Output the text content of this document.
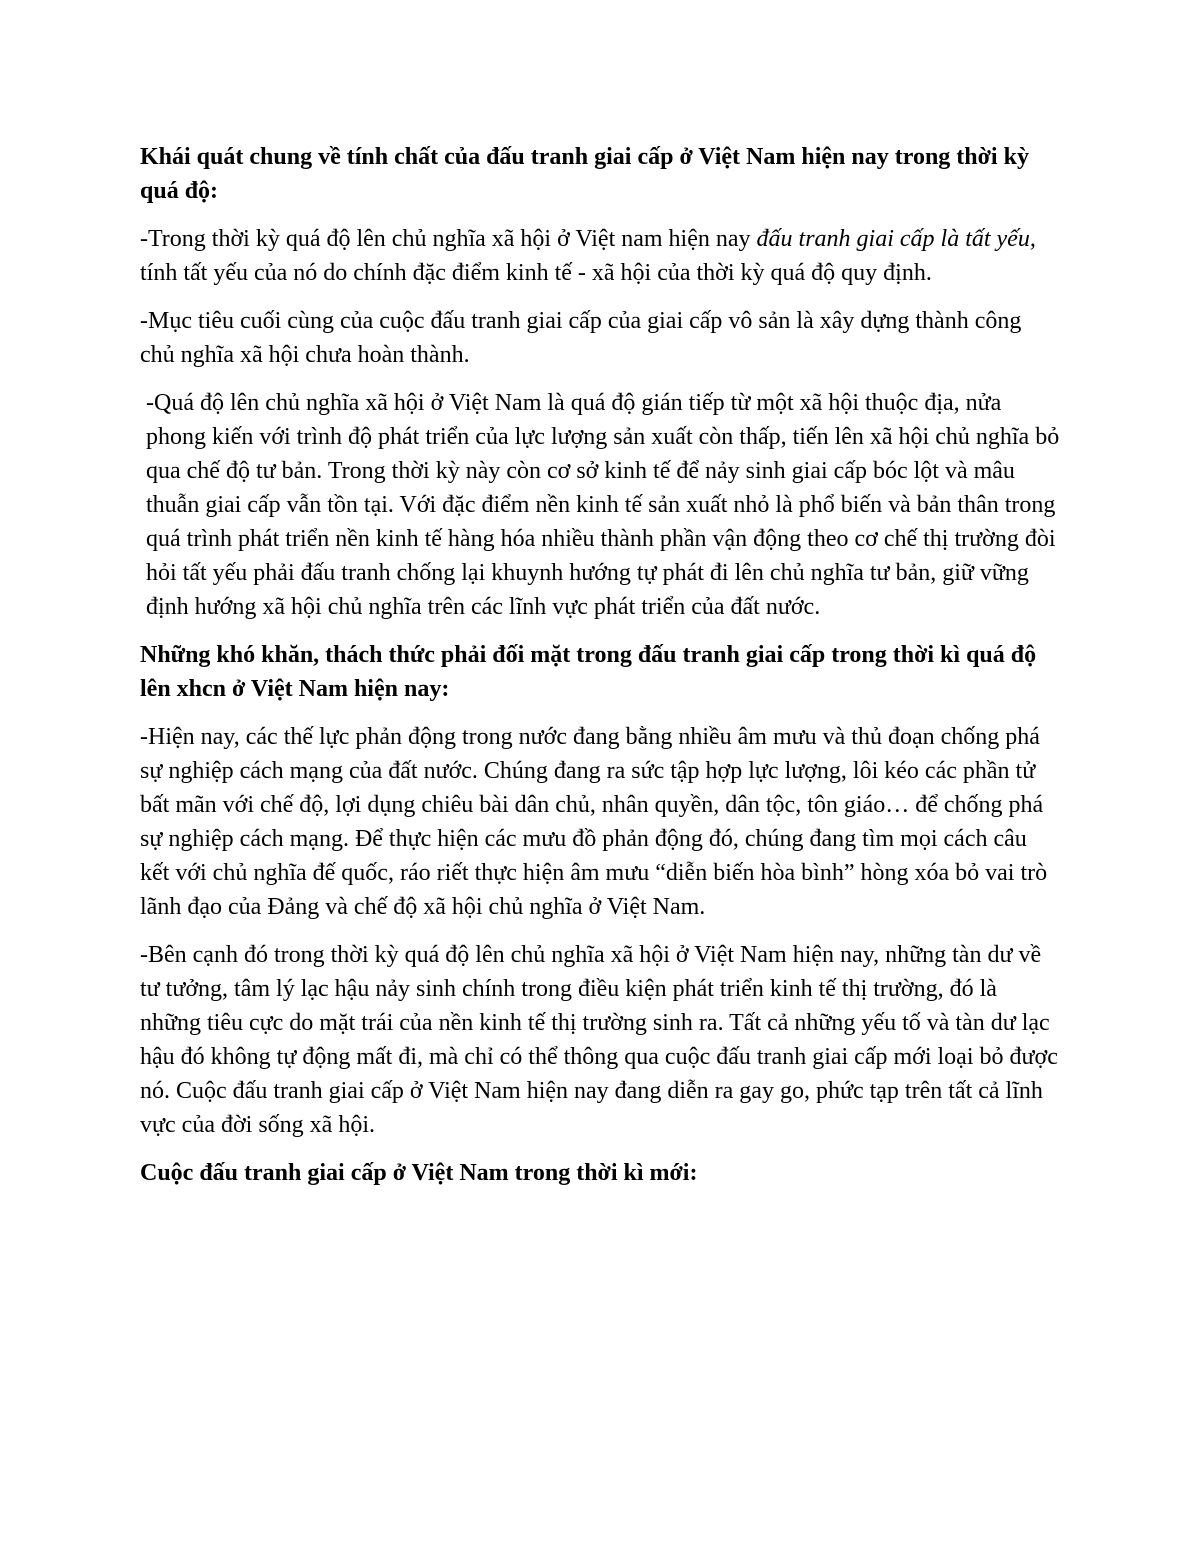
Khái quát chung về tính chất của đấu tranh giai cấp ở Việt Nam hiện nay trong thời kỳ quá độ:

-Trong thời kỳ quá độ lên chủ nghĩa xã hội ở Việt nam hiện nay đấu tranh giai cấp là tất yếu, tính tất yếu của nó do chính đặc điểm kinh tế - xã hội của thời kỳ quá độ quy định.

-Mục tiêu cuối cùng của cuộc đấu tranh giai cấp của giai cấp vô sản là xây dựng thành công chủ nghĩa xã hội chưa hoàn thành.

-Quá độ lên chủ nghĩa xã hội ở Việt Nam là quá độ gián tiếp từ một xã hội thuộc địa, nửa phong kiến với trình độ phát triển của lực lượng sản xuất còn thấp, tiến lên xã hội chủ nghĩa bỏ qua chế độ tư bản. Trong thời kỳ này còn cơ sở kinh tế để nảy sinh giai cấp bóc lột và mâu thuẫn giai cấp vẫn tồn tại. Với đặc điểm nền kinh tế sản xuất nhỏ là phổ biến và bản thân trong quá trình phát triển nền kinh tế hàng hóa nhiều thành phần vận động theo cơ chế thị trường đòi hỏi tất yếu phải đấu tranh chống lại khuynh hướng tự phát đi lên chủ nghĩa tư bản, giữ vững định hướng xã hội chủ nghĩa trên các lĩnh vực phát triển của đất nước.

Những khó khăn, thách thức phải đối mặt trong đấu tranh giai cấp trong thời kì quá độ lên xhcn ở Việt Nam hiện nay:

-Hiện nay, các thế lực phản động trong nước đang bằng nhiều âm mưu và thủ đoạn chống phá sự nghiệp cách mạng của đất nước. Chúng đang ra sức tập hợp lực lượng, lôi kéo các phần tử bất mãn với chế độ, lợi dụng chiêu bài dân chủ, nhân quyền, dân tộc, tôn giáo… để chống phá sự nghiệp cách mạng. Để thực hiện các mưu đồ phản động đó, chúng đang tìm mọi cách câu kết với chủ nghĩa đế quốc, ráo riết thực hiện âm mưu “diễn biến hòa bình” hòng xóa bỏ vai trò lãnh đạo của Đảng và chế độ xã hội chủ nghĩa ở Việt Nam.

-Bên cạnh đó trong thời kỳ quá độ lên chủ nghĩa xã hội ở Việt Nam hiện nay, những tàn dư về tư tưởng, tâm lý lạc hậu nảy sinh chính trong điều kiện phát triển kinh tế thị trường, đó là những tiêu cực do mặt trái của nền kinh tế thị trường sinh ra. Tất cả những yếu tố và tàn dư lạc hậu đó không tự động mất đi, mà chỉ có thể thông qua cuộc đấu tranh giai cấp mới loại bỏ được nó. Cuộc đấu tranh giai cấp ở Việt Nam hiện nay đang diễn ra gay go, phức tạp trên tất cả lĩnh vực của đời sống xã hội.

Cuộc đấu tranh giai cấp ở Việt Nam trong thời kì mới:
